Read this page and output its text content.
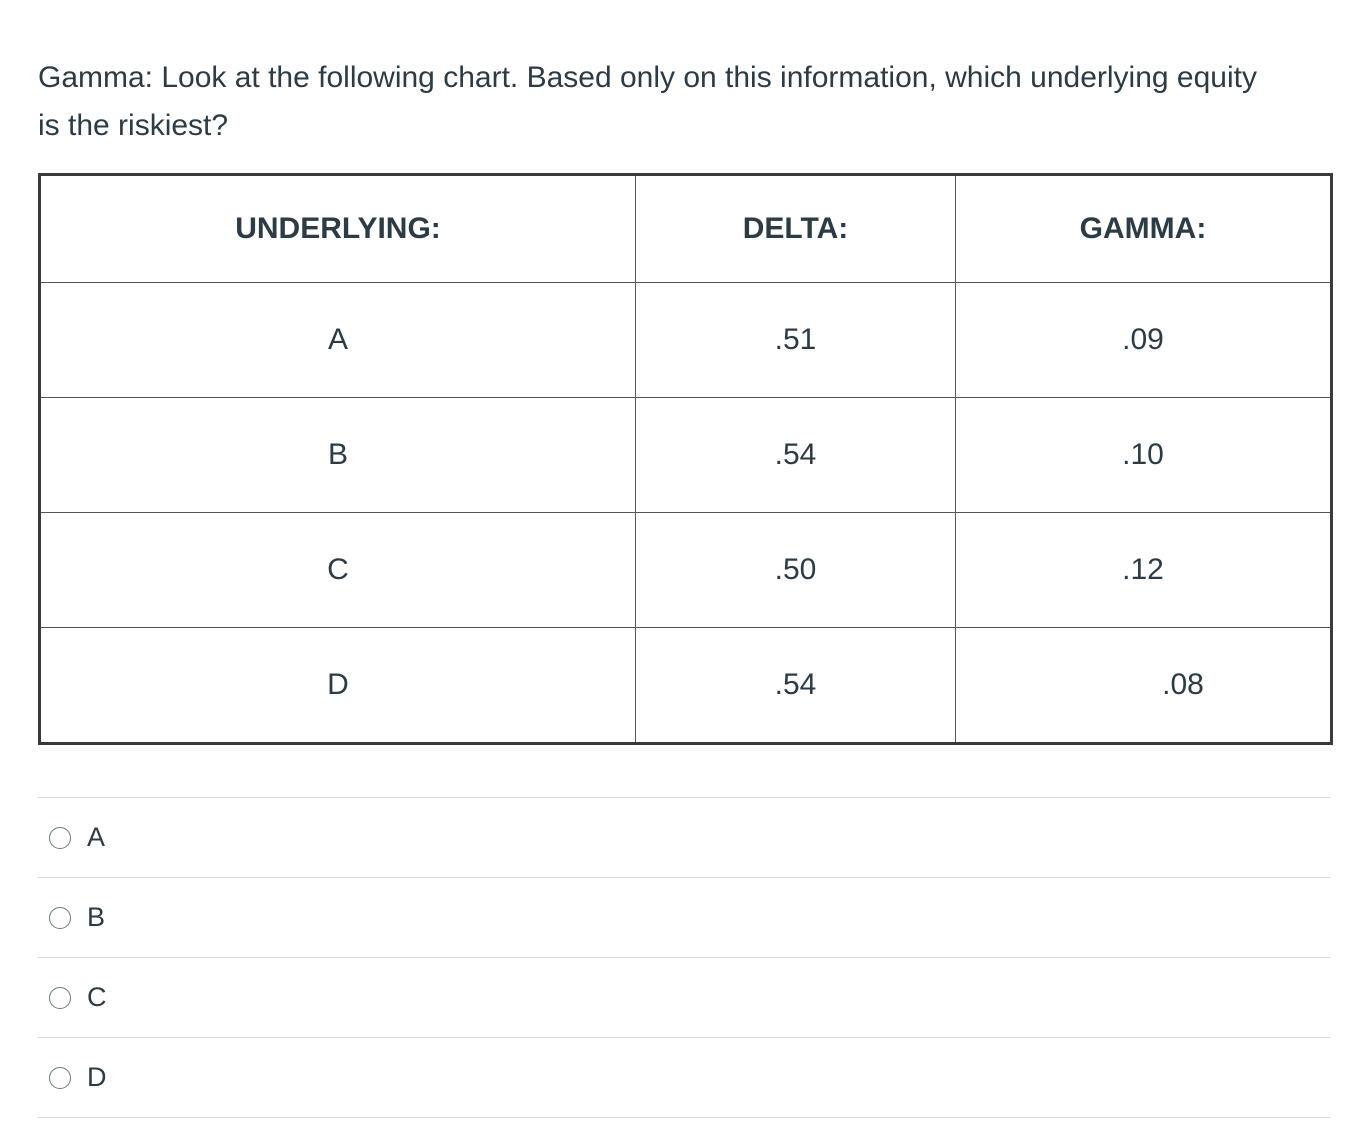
Gamma: Look at the following chart. Based only on this information, which underlying equity is the riskiest?
UNDERLYING:	DELTA:	GAMMA:
A	.51	.09
B	.54	.10
C	.50	.12
D	.54	.08
A
B
C
D
